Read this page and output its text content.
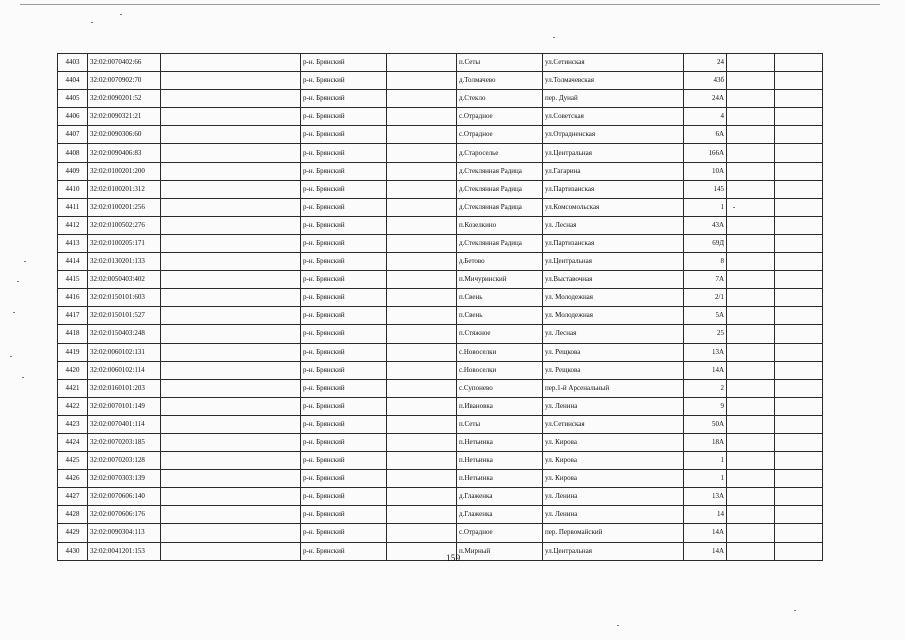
4403	32:02:0070402:66		р-н. Брянский		п.Сеты	ул.Сетинская	24		
4404	32:02:0070902:70		р-н. Брянский		д.Толмачево	ул.Толмачевская	43б		
4405	32:02:0090201:52		р-н. Брянский		д.Стеклo	пер. Дунай	24А		
4406	32:02:0090321:21		р-н. Брянский		с.Отрадное	ул.Советская	4		
4407	32:02:0090306:60		р-н. Брянский		с.Отрадное	ул.Отрадненская	6А		
4408	32:02:0090406:83		р-н. Брянский		д.Староселье	ул.Центральная	166А		
4409	32:02:0100201:200		р-н. Брянский		д.Стеклянная Радица	ул.Гагарина	10А		
4410	32:02:0100201:312		р-н. Брянский		д.Стеклянная Радица	ул.Партизанская	145		
4411	32:02:0100201:256		р-н. Брянский		д.Стеклянная Радица	ул.Комсомольская	1		
4412	32:02:0100502:276		р-н. Брянский		п.Козелкино	ул. Лесная	43А		
4413	32:02:0100205:171		р-н. Брянский		д.Стеклянная Радица	ул.Партизанская	69Д		
4414	32:02:0130201:133		р-н. Брянский		д.Бетово	ул.Центральная	8		
4415	32:02:0050403:402		р-н. Брянский		п.Мичуринский	ул.Выставочная	7А		
4416	32:02:0150101:603		р-н. Брянский		п.Свень	ул. Молодежная	2/1		
4417	32:02:0150101:527		р-н. Брянский		п.Свень	ул. Молодежная	5А		
4418	32:02:0150403:248		р-н. Брянский		п.Стяжное	ул. Лесная	25		
4419	32:02:0060102:131		р-н. Брянский		с.Новоселки	ул. Рещкова	13А		
4420	32:02:0060102:114		р-н. Брянский		с.Новоселки	ул. Рещкова	14А		
4421	32:02:0160101:203		р-н. Брянский		с.Супонево	пер.1-й Арсенальный	2		
4422	32:02:0070101:149		р-н. Брянский		п.Ивановка	ул. Ленина	9		
4423	32:02:0070401:114		р-н. Брянский		п.Сеты	ул.Сетинская	50А		
4424	32:02:0070203:185		р-н. Брянский		п.Нетьинка	ул. Кирова	18А		
4425	32:02:0070203:128		р-н. Брянский		п.Нетьинка	ул. Кирова	1		
4426	32:02:0070303:139		р-н. Брянский		п.Нетьинка	ул. Кирова	1		
4427	32:02:0070606:140		р-н. Брянский		д.Глаженка	ул. Ленина	13А		
4428	32:02:0070606:176		р-н. Брянский		д.Глаженка	ул. Ленина	14		
4429	32:02:0090304:113		р-н. Брянский		с.Отрадное	пер. Первомайский	14А		
4430	32:02:0041201:153		р-н. Брянский		п.Мирный	ул.Центральная	14А		
159
